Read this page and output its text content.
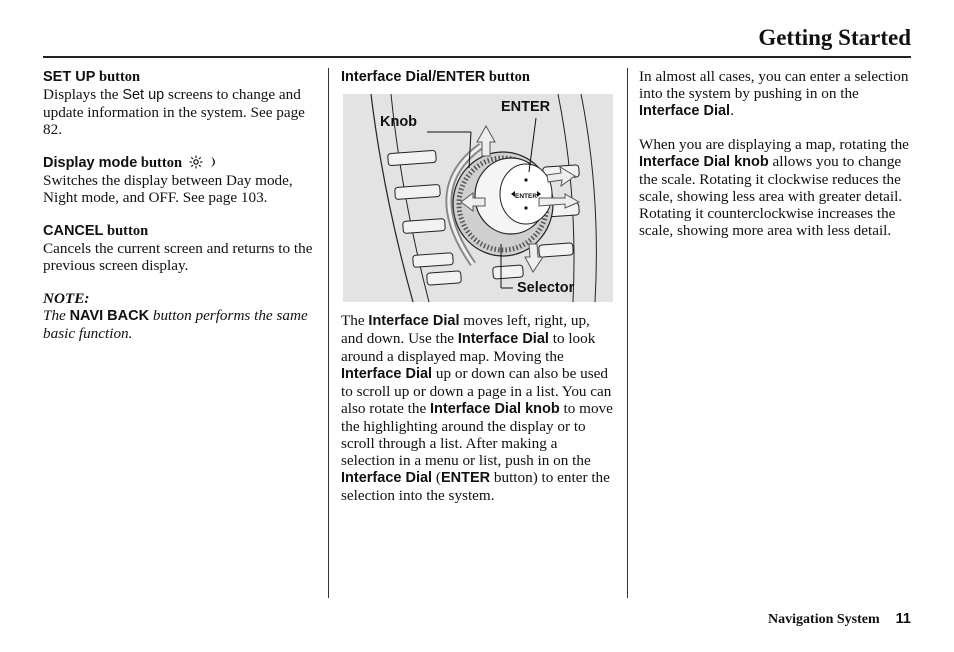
Getting Started

SET UP button

Displays the Set up screens to change and update information in the system. See page 82.

Display mode button

Switches the display between Day mode, Night mode, and OFF. See page 103.

CANCEL button

Cancels the current screen and returns to the previous screen display.

NOTE:

The NAVI BACK button performs the same basic function.

Interface Dial/ENTER button

Knob
ENTER
Selector
ENTER

The Interface Dial moves left, right, up, and down. Use the Interface Dial to look around a displayed map. Moving the Interface Dial up or down can also be used to scroll up or down a page in a list. You can also rotate the Interface Dial knob to move the highlighting around the display or to scroll through a list. After making a selection in a menu or list, push in on the Interface Dial (ENTER button) to enter the selection into the system.

In almost all cases, you can enter a selection into the system by pushing in on the Interface Dial.

When you are displaying a map, rotating the Interface Dial knob allows you to change the scale. Rotating it clockwise reduces the scale, showing less area with greater detail. Rotating it counterclockwise increases the scale, showing more area with less detail.

Navigation System 11
